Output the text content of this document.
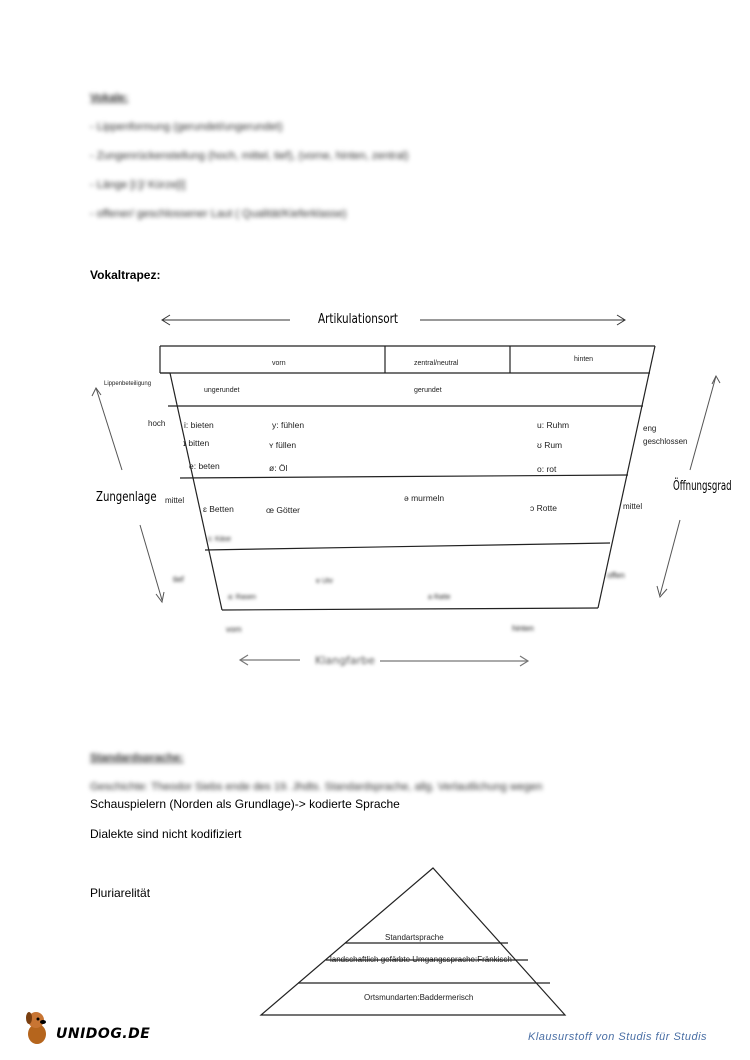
Vokale:
- Lippenformung (gerundet/ungerundet)
- Zungenrückenstellung (hoch, mittel, tief), (vorne, hinten, zentral)
- Länge [i:]/ Kürze[i]
- offener/ geschlossener Laut ( Qualität/Kieferklasse)
Vokaltrapez:
Artikulationsort
vorn	zentral/neutral
hinten
Lippenbeteiligung
ungerundet	gerundet
hoch
mittel
tief
eng
geschlossen
mittel
offen
Zungenlage
Öffnungsgrad
i: bieten
ɪ bitten
e: beten
y: fühlen
ʏ füllen
ø: Öl
u: Ruhm
ʊ Rum
o: rot
ɛ Betten	œ Götter
ə murmeln
ɔ Rotte
ɛ: Käse
ɐ Uhr
a: Rasen	a Ratte
vorn	hinten
Klangfarbe
Standardsprache:
Geschichte: Theodor Siebs ende des 19. Jhdts. Standardsprache, allg. Verlautlichung wegen
Schauspielern (Norden als Grundlage)-> kodierte Sprache
Dialekte sind nicht kodifiziert
Pluriarelität
Standartsprache
landschaftlich gefärbte Umgangssprache:Fränkisch
Ortsmundarten:Baddermerisch
UNIDOG.DE	Klausurstoff von Studis für Studis
